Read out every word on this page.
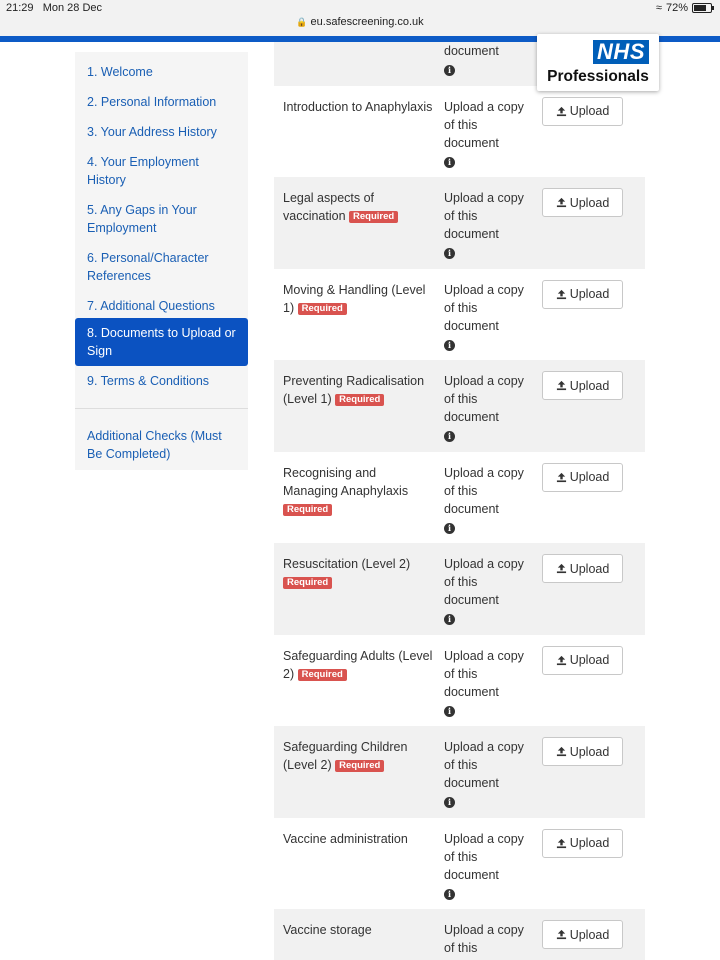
21:29 Mon 28 Dec
🔒 eu.safescreening.co.uk
≈ 72%
1. Welcome
2. Personal Information
3. Your Address History
4. Your Employment History
5. Any Gaps in Your Employment
6. Personal/Character References
7. Additional Questions
8. Documents to Upload or Sign
9. Terms & Conditions
Additional Checks (Must Be Completed)
document
i
Introduction to Anaphylaxis Upload a copy of this document
i
Upload
Legal aspects of vaccination Required
Upload a copy of this document
i
Upload
Moving & Handling (Level 1) Required
Upload a copy of this document
i
Upload
Preventing Radicalisation (Level 1) Required
Upload a copy of this document
i
Upload
Recognising and Managing Anaphylaxis Required
Upload a copy of this document
i
Upload
Resuscitation (Level 2) Required
Upload a copy of this document
i
Upload
Safeguarding Adults (Level 2) Required
Upload a copy of this document
i
Upload
Safeguarding Children (Level 2) Required
Upload a copy of this document
i
Upload
Vaccine administration	Upload a copy of this document
i
Upload
Vaccine storage	Upload a copy of this

Upload
NHS
Professionals
